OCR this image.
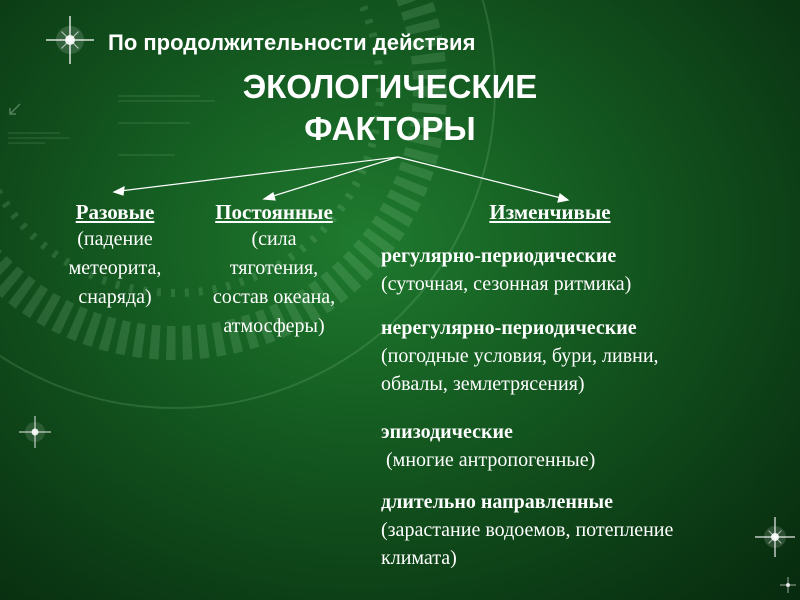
По продолжительности действия
ЭКОЛОГИЧЕСКИЕ
ФАКТОРЫ
Разовые
(падение
метеорита,
снаряда)
Постоянные
(сила
тяготения,
состав океана,
атмосферы)
Изменчивые
регулярно-периодические
(суточная, сезонная ритмика)
нерегулярно-периодические
(погодные условия, бури, ливни,
обвалы, землетрясения)
эпизодические
(многие антропогенные)
длительно направленные
(зарастание водоемов, потепление
климата)
